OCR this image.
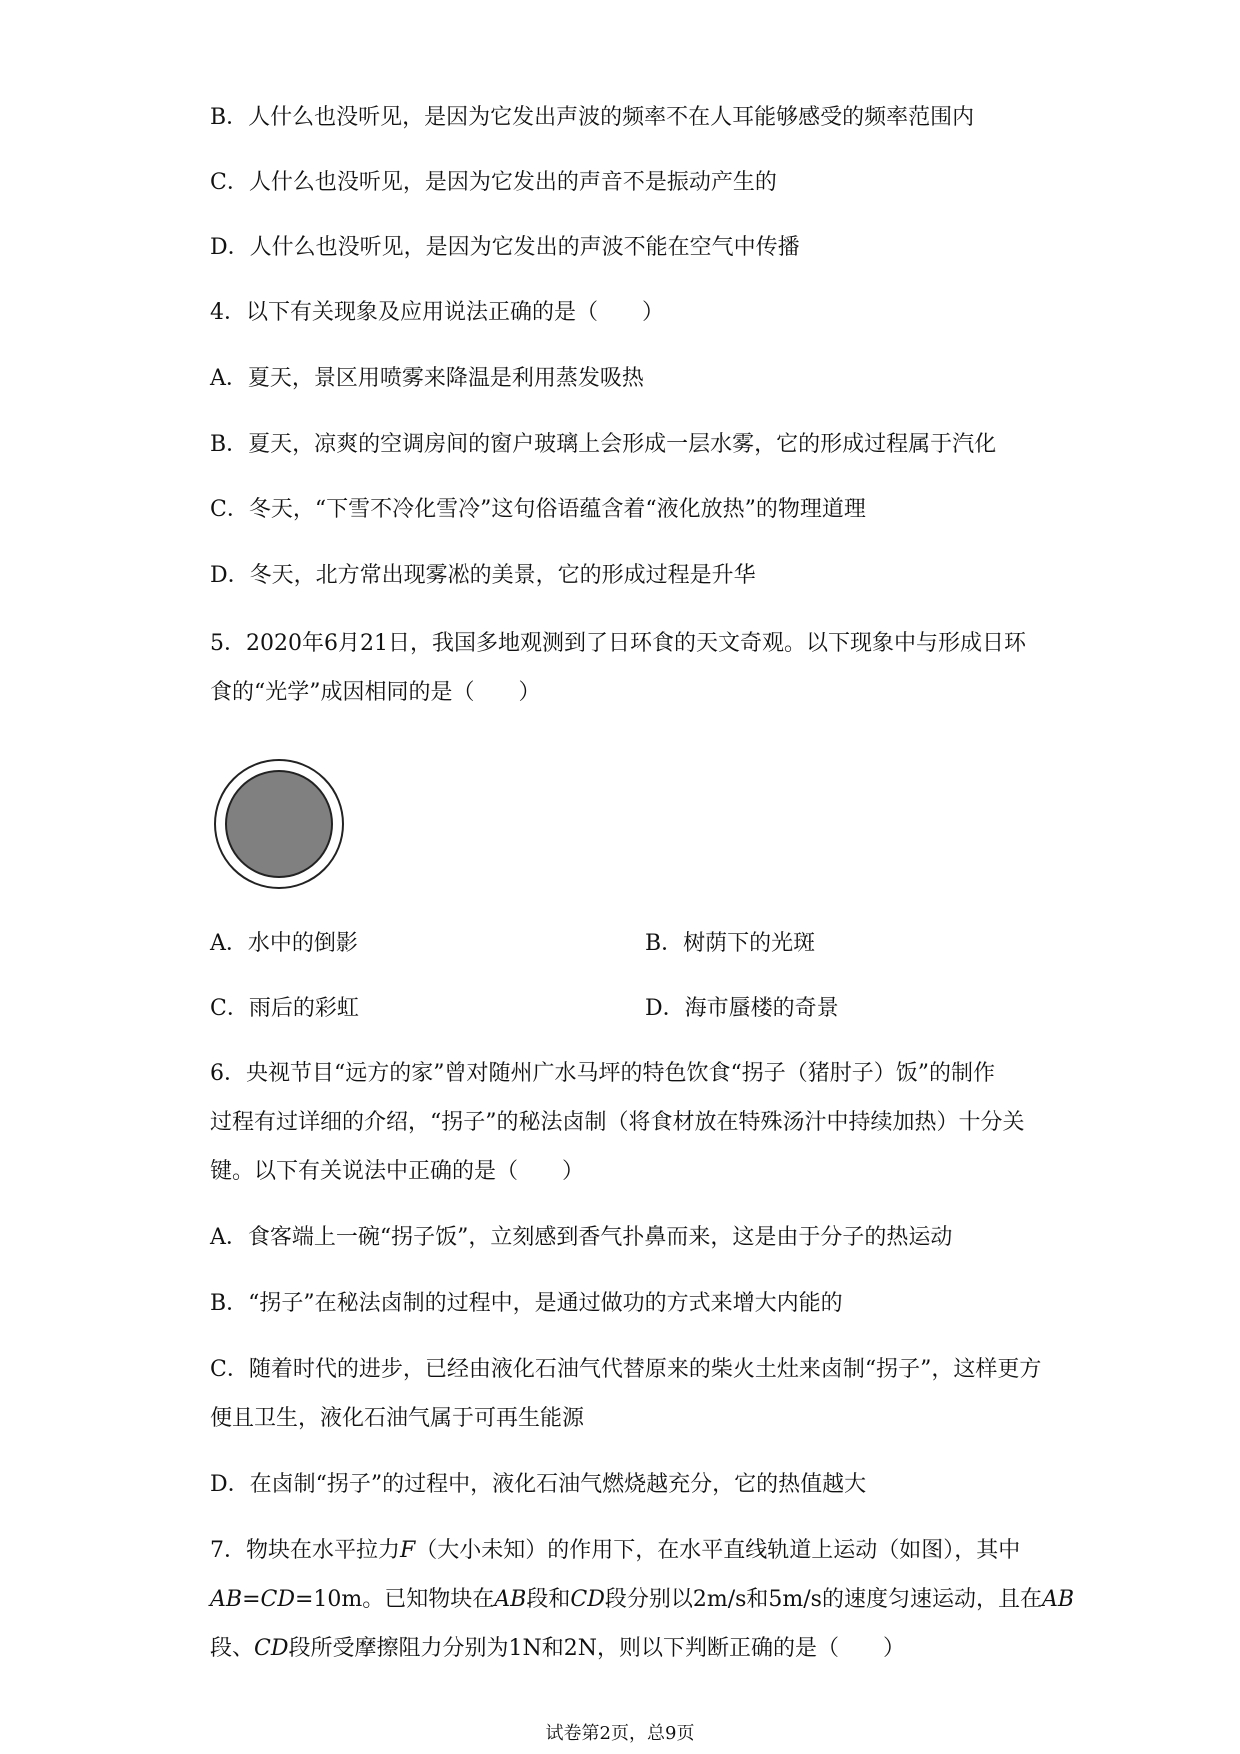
B．人什么也没听见，是因为它发出声波的频率不在人耳能够感受的频率范围内
C．人什么也没听见，是因为它发出的声音不是振动产生的
D．人什么也没听见，是因为它发出的声波不能在空气中传播
4．以下有关现象及应用说法正确的是（　　）
A．夏天，景区用喷雾来降温是利用蒸发吸热
B．夏天，凉爽的空调房间的窗户玻璃上会形成一层水雾，它的形成过程属于汽化
C．冬天，“下雪不冷化雪冷”这句俗语蕴含着“液化放热”的物理道理
D．冬天，北方常出现雾凇的美景，它的形成过程是升华
5．2020年6月21日，我国多地观测到了日环食的天文奇观。以下现象中与形成日环
食的“光学”成因相同的是（　　）
A．水中的倒影	B．树荫下的光斑
C．雨后的彩虹	D．海市蜃楼的奇景
6．央视节目“远方的家”曾对随州广水马坪的特色饮食“拐子（猪肘子）饭”的制作
过程有过详细的介绍，“拐子”的秘法卤制（将食材放在特殊汤汁中持续加热）十分关
键。以下有关说法中正确的是（　　）
A．食客端上一碗“拐子饭”，立刻感到香气扑鼻而来，这是由于分子的热运动
B．“拐子”在秘法卤制的过程中，是通过做功的方式来增大内能的
C．随着时代的进步，已经由液化石油气代替原来的柴火土灶来卤制“拐子”，这样更方
便且卫生，液化石油气属于可再生能源
D．在卤制“拐子”的过程中，液化石油气燃烧越充分，它的热值越大
7．物块在水平拉力F（大小未知）的作用下，在水平直线轨道上运动（如图），其中
AB=CD=10m。已知物块在AB段和CD段分别以2m/s和5m/s的速度匀速运动，且在AB
段、CD段所受摩擦阻力分别为1N和2N，则以下判断正确的是（　　）
试卷第2页，总9页
